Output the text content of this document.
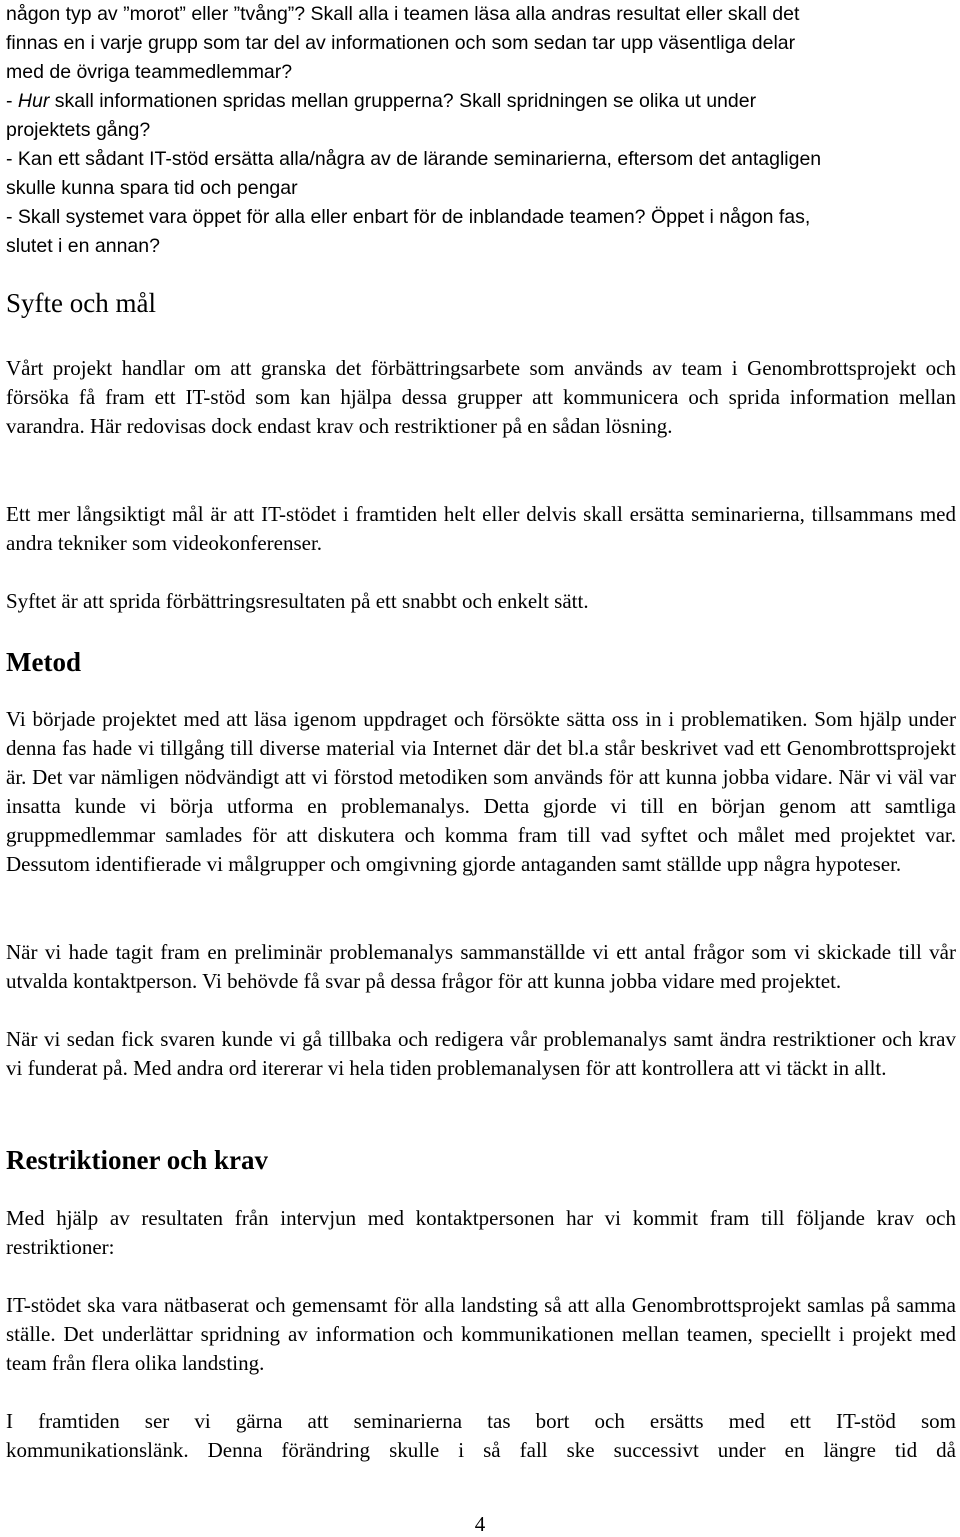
någon typ av ”morot” eller ”tvång”? Skall alla i teamen läsa alla andras resultat eller skall det
finnas en i varje grupp som tar del av informationen och som sedan tar upp väsentliga delar
med de övriga teammedlemmar?
- Hur skall informationen spridas mellan grupperna? Skall spridningen se olika ut under
projektets gång?
- Kan ett sådant IT-stöd ersätta alla/några av de lärande seminarierna, eftersom det antagligen
skulle kunna spara tid och pengar
- Skall systemet vara öppet för alla eller enbart för de inblandade teamen? Öppet i någon fas,
slutet i en annan?
Syfte och mål

Vårt projekt handlar om att granska det förbättringsarbete som används av team i Genombrottsprojekt och försöka få fram ett IT-stöd som kan hjälpa dessa grupper att kommunicera och sprida information mellan varandra. Här redovisas dock endast krav och restriktioner på en sådan lösning.

Ett mer långsiktigt mål är att IT-stödet i framtiden helt eller delvis skall ersätta seminarierna, tillsammans med andra tekniker som videokonferenser.

Syftet är att sprida förbättringsresultaten på ett snabbt och enkelt sätt.

Metod

Vi började projektet med att läsa igenom uppdraget och försökte sätta oss in i problematiken. Som hjälp under denna fas hade vi tillgång till diverse material via Internet där det bl.a står beskrivet vad ett Genombrottsprojekt är. Det var nämligen nödvändigt att vi förstod metodiken som används för att kunna jobba vidare. När vi väl var insatta kunde vi börja utforma en problemanalys. Detta gjorde vi till en början genom att samtliga gruppmedlemmar samlades för att diskutera och komma fram till vad syftet och målet med projektet var. Dessutom identifierade vi målgrupper och omgivning gjorde antaganden samt ställde upp några hypoteser.

När vi hade tagit fram en preliminär problemanalys sammanställde vi ett antal frågor som vi skickade till vår utvalda kontaktperson. Vi behövde få svar på dessa frågor för att kunna jobba vidare med projektet.

När vi sedan fick svaren kunde vi gå tillbaka och redigera vår problemanalys samt ändra restriktioner och krav vi funderat på. Med andra ord itererar vi hela tiden problemanalysen för att kontrollera att vi täckt in allt.

Restriktioner och krav

Med hjälp av resultaten från intervjun med kontaktpersonen har vi kommit fram till följande krav och restriktioner:

IT-stödet ska vara nätbaserat och gemensamt för alla landsting så att alla Genombrottsprojekt samlas på samma ställe. Det underlättar spridning av information och kommunikationen mellan teamen, speciellt i projekt med team från flera olika landsting.

I framtiden ser vi gärna att seminarierna tas bort och ersätts med ett IT-stöd som
kommunikationslänk. Denna förändring skulle i så fall ske successivt under en längre tid då
4
